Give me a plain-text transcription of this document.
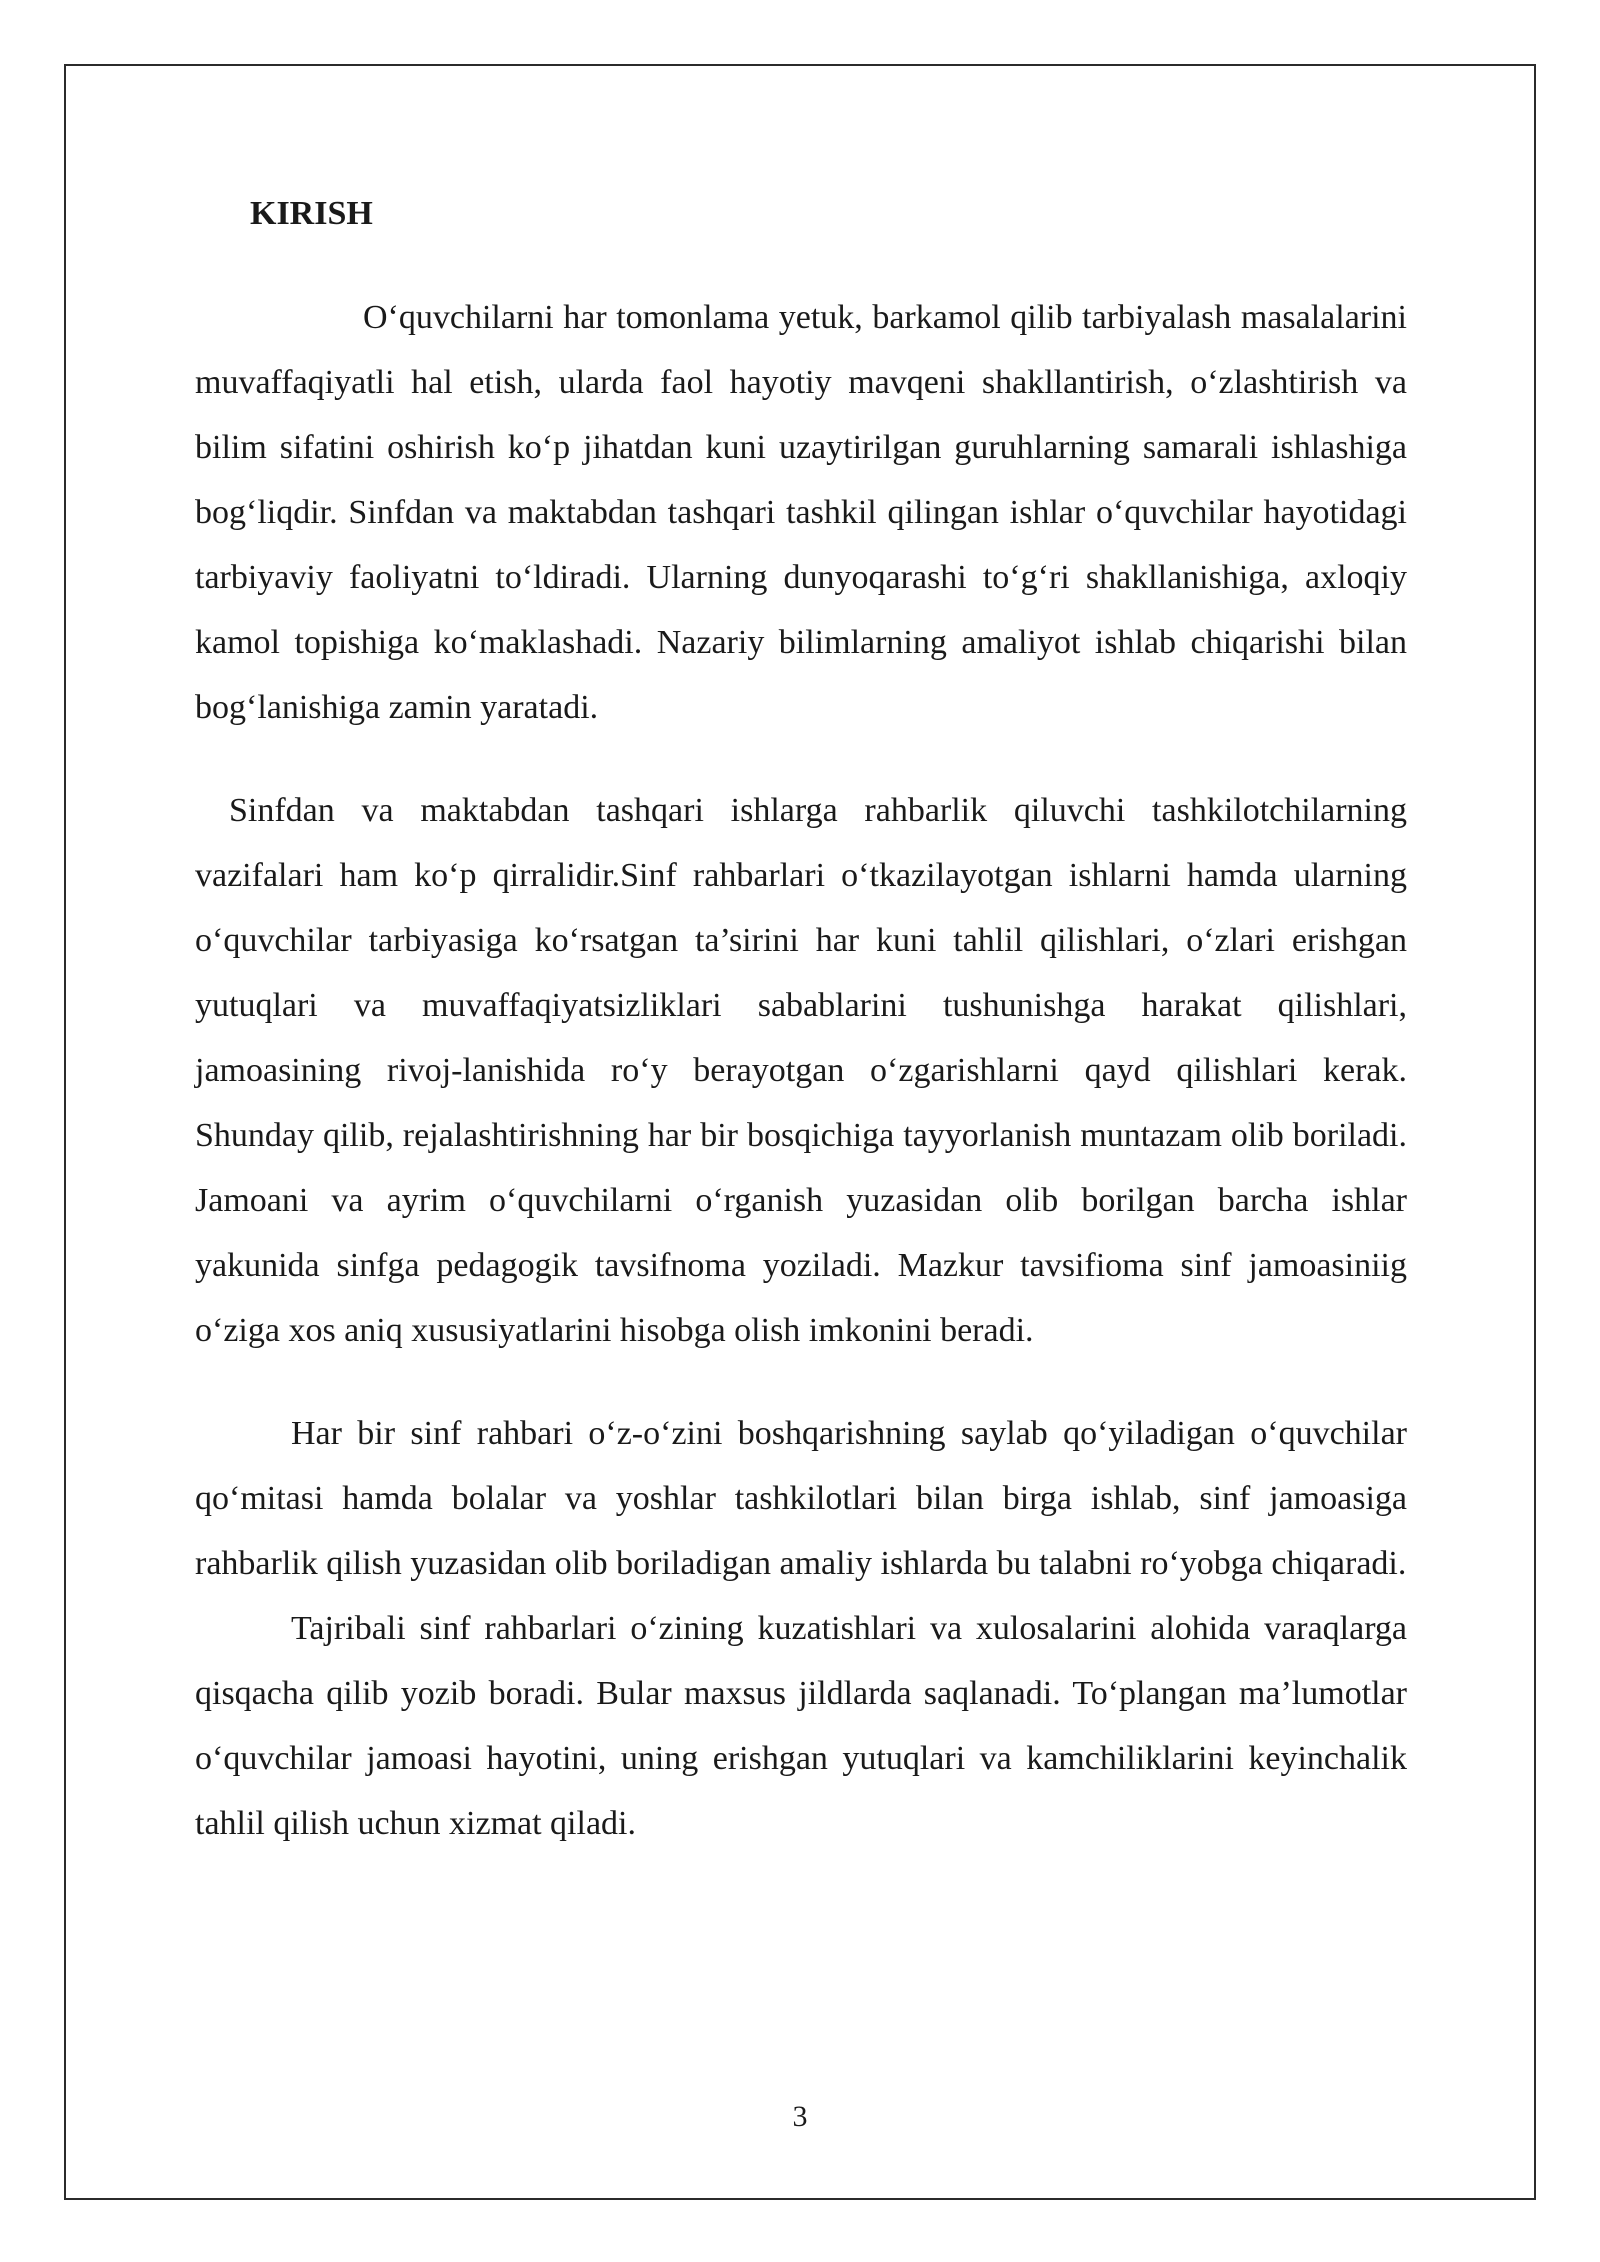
KIRISH

O‘quvchilarni har tomonlama yetuk, barkamol qilib tarbiyalash masalalarini muvaffaqiyatli hal etish, ularda faol hayotiy mavqeni shakllantirish, o‘zlashtirish va bilim sifatini oshirish ko‘p jihatdan kuni uzaytirilgan guruhlarning samarali ishlashiga bog‘liqdir. Sinfdan va maktabdan tashqari tashkil qilingan ishlar o‘quvchilar hayotidagi tarbiyaviy faoliyatni to‘ldiradi. Ularning dunyoqarashi to‘g‘ri shakllanishiga, axloqiy kamol topishiga ko‘maklashadi. Nazariy bilimlarning amaliyot ishlab chiqarishi bilan bog‘lanishiga zamin yaratadi.

Sinfdan va maktabdan tashqari ishlarga rahbarlik qiluvchi tashkilotchilarning vazifalari ham ko‘p qirralidir.Sinf rahbarlari o‘tkazilayotgan ishlarni hamda ularning o‘quvchilar tarbiyasiga ko‘rsatgan ta’sirini har kuni tahlil qilishlari, o‘zlari erishgan yutuqlari va muvaffaqiyatsizliklari sabablarini tushunishga harakat qilishlari, jamoasining rivoj-lanishida ro‘y berayotgan o‘zgarishlarni qayd qilishlari kerak. Shunday qilib, rejalashtirishning har bir bosqichiga tayyorlanish muntazam olib boriladi. Jamoani va ayrim o‘quvchilarni o‘rganish yuzasidan olib borilgan barcha ishlar yakunida sinfga pedagogik tavsifnoma yoziladi. Mazkur tavsifioma sinf jamoasiniig o‘ziga xos aniq xususiyatlarini hisobga olish imkonini beradi.

Har bir sinf rahbari o‘z-o‘zini boshqarishning saylab qo‘yiladigan o‘quvchilar qo‘mitasi hamda bolalar va yoshlar tashkilotlari bilan birga ishlab, sinf jamoasiga rahbarlik qilish yuzasidan olib boriladigan amaliy ishlarda bu talabni ro‘yobga chiqaradi.

Tajribali sinf rahbarlari o‘zining kuzatishlari va xulosalarini alohida varaqlarga qisqacha qilib yozib boradi. Bular maxsus jildlarda saqlanadi. To‘plangan ma’lumotlar o‘quvchilar jamoasi hayotini, uning erishgan yutuqlari va kamchiliklarini keyinchalik tahlil qilish uchun xizmat qiladi.

3
